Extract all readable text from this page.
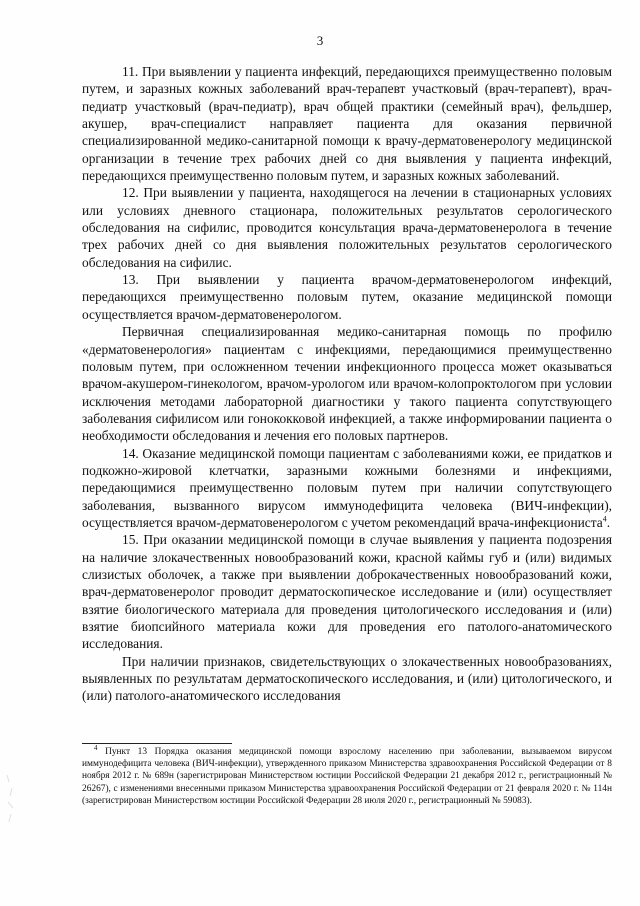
3

11. При выявлении у пациента инфекций, передающихся преимущественно половым путем, и заразных кожных заболеваний врач-терапевт участковый (врач-терапевт), врач-педиатр участковый (врач-педиатр), врач общей практики (семейный врач), фельдшер, акушер, врач-специалист направляет пациента для оказания первичной специализированной медико-санитарной помощи к врачу-дерматовенерологу медицинской организации в течение трех рабочих дней со дня выявления у пациента инфекций, передающихся преимущественно половым путем, и заразных кожных заболеваний.

12. При выявлении у пациента, находящегося на лечении в стационарных условиях или условиях дневного стационара, положительных результатов серологического обследования на сифилис, проводится консультация врача-дерматовенеролога в течение трех рабочих дней со дня выявления положительных результатов серологического обследования на сифилис.

13. При выявлении у пациента врачом-дерматовенерологом инфекций, передающихся преимущественно половым путем, оказание медицинской помощи осуществляется врачом-дерматовенерологом.

Первичная специализированная медико-санитарная помощь по профилю «дерматовенерология» пациентам с инфекциями, передающимися преимущественно половым путем, при осложненном течении инфекционного процесса может оказываться врачом-акушером-гинекологом, врачом-урологом или врачом-колопроктологом при условии исключения методами лабораторной диагностики у такого пациента сопутствующего заболевания сифилисом или гонококковой инфекцией, а также информировании пациента о необходимости обследования и лечения его половых партнеров.

14. Оказание медицинской помощи пациентам с заболеваниями кожи, ее придатков и подкожно-жировой клетчатки, заразными кожными болезнями и инфекциями, передающимися преимущественно половым путем при наличии сопутствующего заболевания, вызванного вирусом иммунодефицита человека (ВИЧ-инфекции), осуществляется врачом-дерматовенерологом с учетом рекомендаций врача-инфекциониста$^4$.

15. При оказании медицинской помощи в случае выявления у пациента подозрения на наличие злокачественных новообразований кожи, красной каймы губ и (или) видимых слизистых оболочек, а также при выявлении доброкачественных новообразований кожи, врач-дерматовенеролог проводит дерматоскопическое исследование и (или) осуществляет взятие биологического материала для проведения цитологического исследования и (или) взятие биопсийного материала кожи для проведения его патолого-анатомического исследования.

При наличии признаков, свидетельствующих о злокачественных новообразованиях, выявленных по результатам дерматоскопического исследования, и (или) цитологического, и (или) патолого-анатомического исследования

$^4$ Пункт 13 Порядка оказания медицинской помощи взрослому населению при заболевании, вызываемом вирусом иммунодефицита человека (ВИЧ-инфекции), утвержденного приказом Министерства здравоохранения Российской Федерации от 8 ноября 2012 г. № 689н (зарегистрирован Министерством юстиции Российской Федерации 21 декабря 2012 г., регистрационный № 26267), с изменениями внесенными приказом Министерства здравоохранения Российской Федерации от 21 февраля 2020 г. № 114н (зарегистрирован Министерством юстиции Российской Федерации 28 июля 2020 г., регистрационный № 59083).
